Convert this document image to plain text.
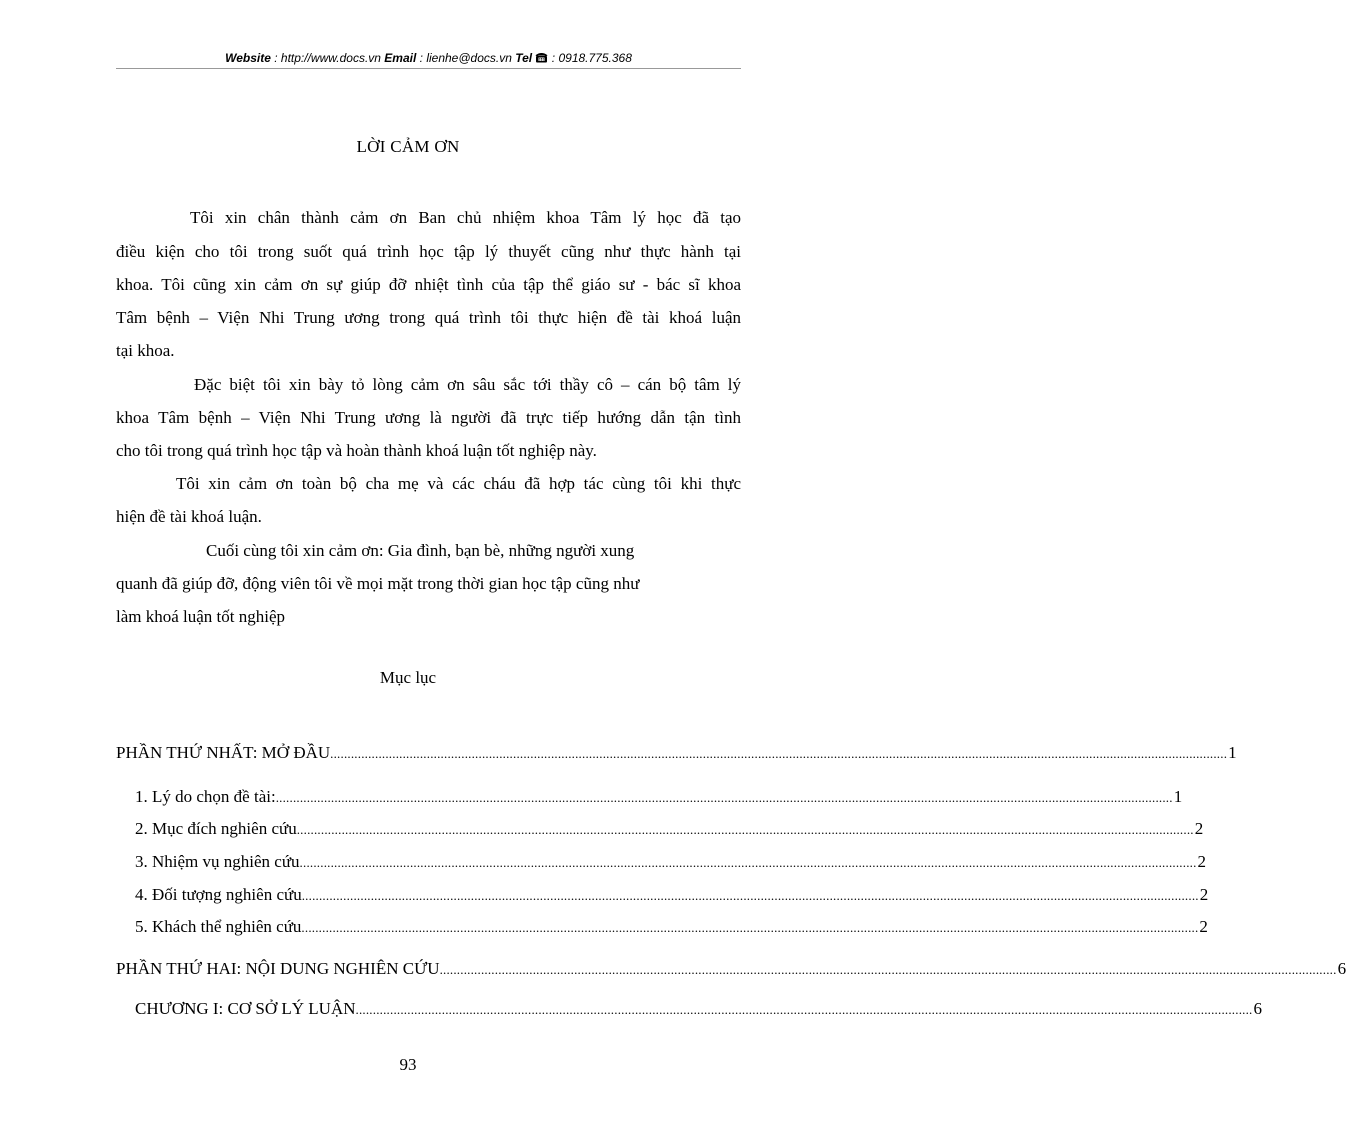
Website : http://www.docs.vn Email : lienhe@docs.vn Tel  : 0918.775.368
LỜI CẢM ƠN
Tôi xin chân thành cảm ơn Ban chủ nhiệm khoa Tâm lý học đã tạo
điều kiện cho tôi trong suốt quá trình học tập lý thuyết cũng như thực hành tại
khoa. Tôi cũng xin cảm ơn sự giúp đỡ nhiệt tình của tập thể giáo sư - bác sĩ khoa
Tâm bệnh – Viện Nhi Trung ương trong quá trình tôi thực hiện đề tài khoá luận
tại khoa.
Đặc biệt tôi xin bày tỏ lòng cảm ơn sâu sắc tới thầy cô – cán bộ tâm lý
khoa Tâm bệnh – Viện Nhi Trung ương là người đã trực tiếp hướng dẫn tận tình
cho tôi trong quá trình học tập và hoàn thành khoá luận tốt nghiệp này.
Tôi xin cảm ơn toàn bộ cha mẹ và các cháu đã hợp tác cùng tôi khi thực
hiện đề tài khoá luận.
Cuối cùng tôi xin cảm ơn: Gia đình, bạn bè, những người xung
quanh đã giúp đỡ, động viên tôi về mọi mặt trong thời gian học tập cũng như
làm khoá luận tốt nghiệp
Mục lục
PHẦN THỨ NHẤT: MỞ ĐẦU .................................................................................................................................................................................................................................................................... 1
1. Lý do chọn đề tài: .................................................................................................................................................................................................................................................................... 1
2. Mục đích nghiên cứu .................................................................................................................................................................................................................................................................... 2
3. Nhiệm vụ nghiên cứu .................................................................................................................................................................................................................................................................... 2
4. Đối tượng nghiên cứu .................................................................................................................................................................................................................................................................... 2
5. Khách thể nghiên cứu .................................................................................................................................................................................................................................................................... 2
PHẦN THỨ HAI: NỘI DUNG NGHIÊN CỨU .................................................................................................................................................................................................................................................................... 6
CHƯƠNG I: CƠ SỞ LÝ LUẬN .................................................................................................................................................................................................................................................................... 6
93
